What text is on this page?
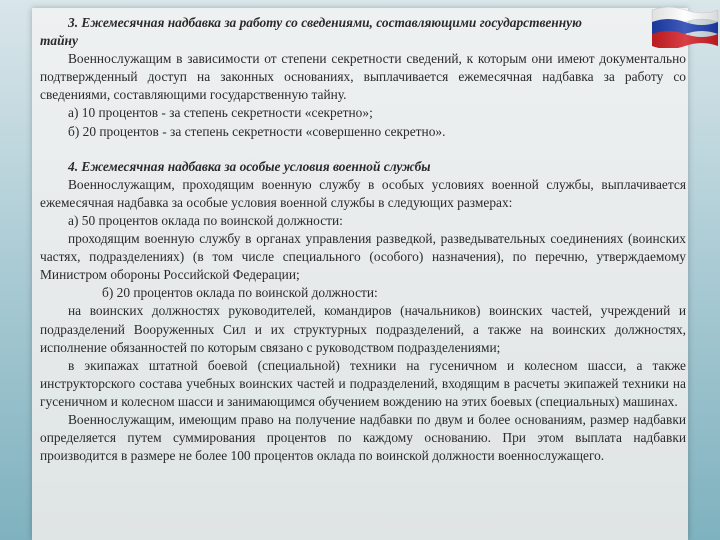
3. Ежемесячная надбавка за работу со сведениями, составляющими государственную
тайну

Военнослужащим в зависимости от степени секретности сведений, к которым они имеют документально подтвержденный доступ на законных основаниях, выплачивается ежемесячная надбавка за работу со сведениями, составляющими государственную тайну.

а) 10 процентов - за степень секретности «секретно»;

б) 20 процентов - за степень секретности «совершенно секретно».

4. Ежемесячная надбавка за особые условия военной службы

Военнослужащим, проходящим военную службу в особых условиях военной службы, выплачивается ежемесячная надбавка за особые условия военной службы в следующих размерах:

а) 50 процентов оклада по воинской должности:

проходящим военную службу в органах управления разведкой, разведывательных соединениях (воинских частях, подразделениях) (в том числе специального (особого) назначения), по перечню, утверждаемому Министром обороны Российской Федерации;

б) 20 процентов оклада по воинской должности:

на воинских должностях руководителей, командиров (начальников) воинских частей, учреждений и подразделений Вооруженных Сил и их структурных подразделений, а также на воинских должностях, исполнение обязанностей по которым связано с руководством подразделениями;

в экипажах штатной боевой (специальной) техники на гусеничном и колесном шасси, а также инструкторского состава учебных воинских частей и подразделений, входящим в расчеты экипажей техники на гусеничном и колесном шасси и занимающимся обучением вождению на этих боевых (специальных) машинах.

Военнослужащим, имеющим право на получение надбавки по двум и более основаниям, размер надбавки определяется путем суммирования процентов по каждому основанию. При этом выплата надбавки производится в размере не более 100 процентов оклада по воинской должности военнослужащего.
